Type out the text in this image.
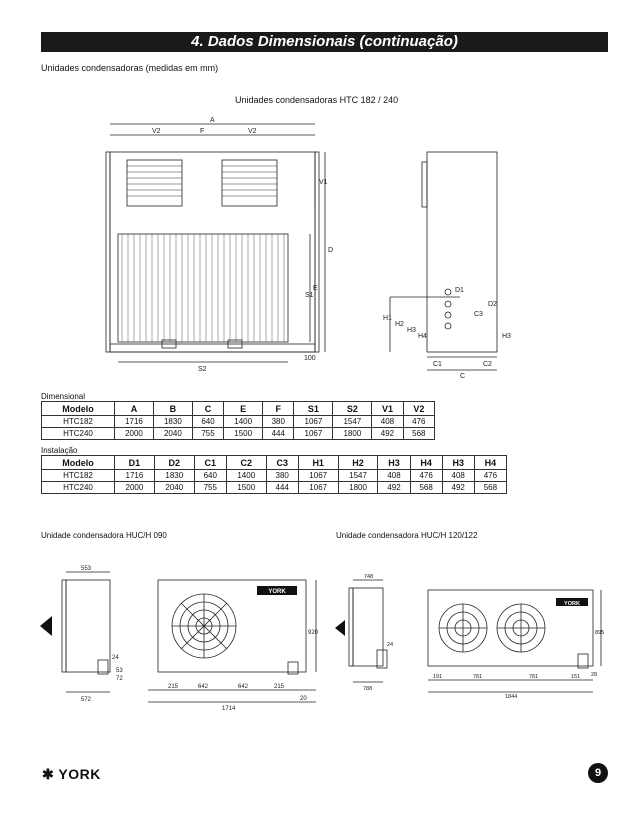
4. Dados Dimensionais (continuação)
Unidades condensadoras (medidas em mm)
Unidades condensadoras HTC 182 / 240
A
V2	F	V2
V1
D
E
S1
S2
100
D1
D2
C3
H1
H2
H3
H4	H3
C1	C2
C
Dimensional
Modelo	A	B	C	E	F	S1	S2	V1	V2
HTC182	1716	1830	640	1400	380	1067	1547	408	476
HTC240	2000	2040	755	1500	444	1067	1800	492	568
Instalação
Modelo	D1	D2	C1	C2	C3	H1	H2	H3	H4	H3	H4
HTC182	1716	1830	640	1400	380	1067	1547	408	476	408	476
HTC240	2000	2040	755	1500	444	1067	1800	492	568	492	568
Unidade condensadora HUC/H 090
553
24
53
72
572
215	642	642	215
1714
920
20
YORK
Unidade condensadora HUC/H 120/122
748
24
788
191	781	781	151
1844
895
28
YORK
✱ YORK	9
